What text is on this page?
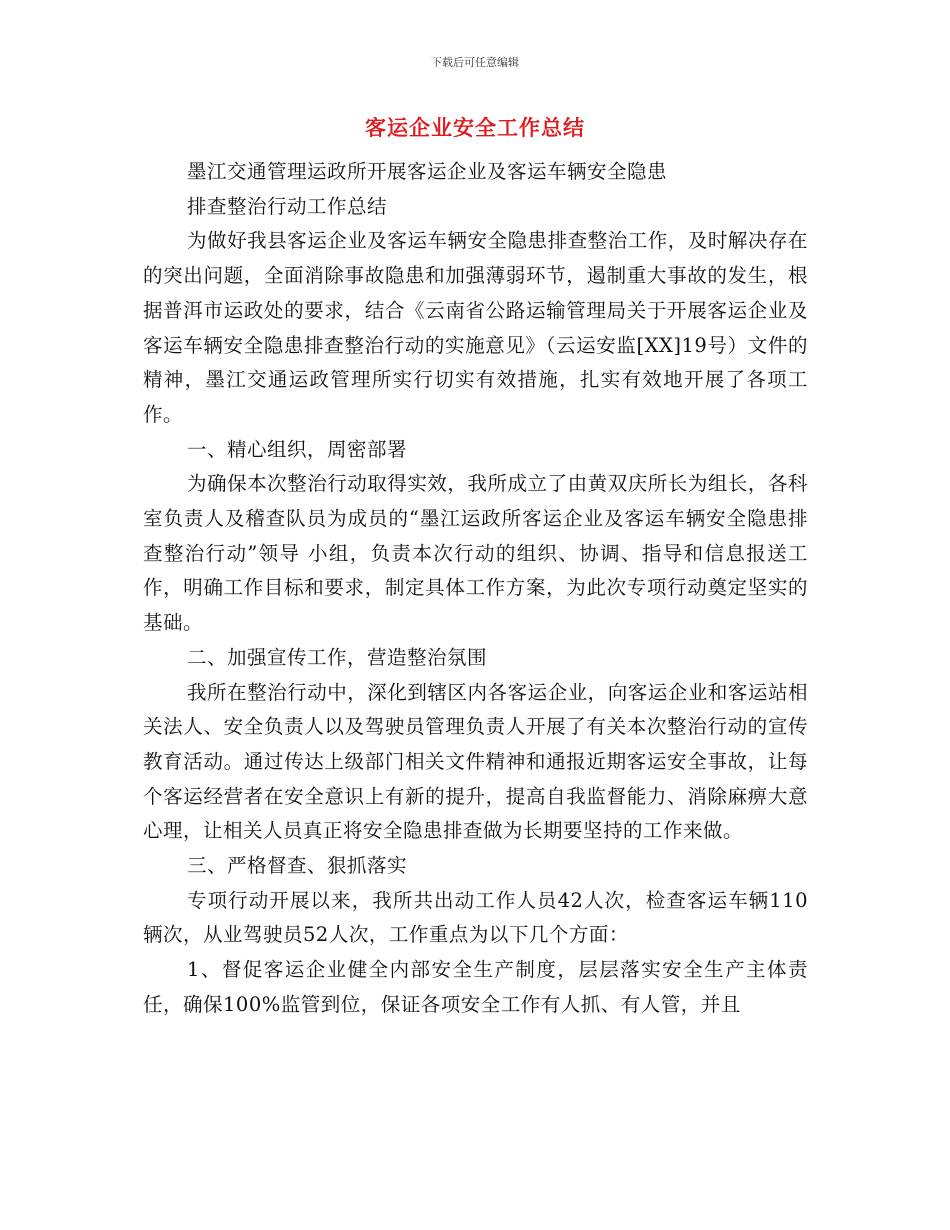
下载后可任意编辑
客运企业安全工作总结

墨江交通管理运政所开展客运企业及客运车辆安全隐患

排查整治行动工作总结

为做好我县客运企业及客运车辆安全隐患排查整治工作，及时解决存在的突出问题，全面消除事故隐患和加强薄弱环节，遏制重大事故的发生，根据普洱市运政处的要求，结合《云南省公路运输管理局关于开展客运企业及客运车辆安全隐患排查整治行动的实施意见》（云运安监[XX]19号）文件的精神，墨江交通运政管理所实行切实有效措施，扎实有效地开展了各项工作。

一、精心组织，周密部署

为确保本次整治行动取得实效，我所成立了由黄双庆所长为组长，各科室负责人及稽查队员为成员的“墨江运政所客运企业及客运车辆安全隐患排查整治行动”领导 小组，负责本次行动的组织、协调、指导和信息报送工作，明确工作目标和要求，制定具体工作方案，为此次专项行动奠定坚实的基础。

二、加强宣传工作，营造整治氛围

我所在整治行动中，深化到辖区内各客运企业，向客运企业和客运站相关法人、安全负责人以及驾驶员管理负责人开展了有关本次整治行动的宣传教育活动。通过传达上级部门相关文件精神和通报近期客运安全事故，让每个客运经营者在安全意识上有新的提升，提高自我监督能力、消除麻痹大意心理，让相关人员真正将安全隐患排查做为长期要坚持的工作来做。

三、严格督查、狠抓落实

专项行动开展以来，我所共出动工作人员42人次，检查客运车辆110辆次，从业驾驶员52人次，工作重点为以下几个方面：

1、督促客运企业健全内部安全生产制度，层层落实安全生产主体责任，确保100%监管到位，保证各项安全工作有人抓、有人管，并且
